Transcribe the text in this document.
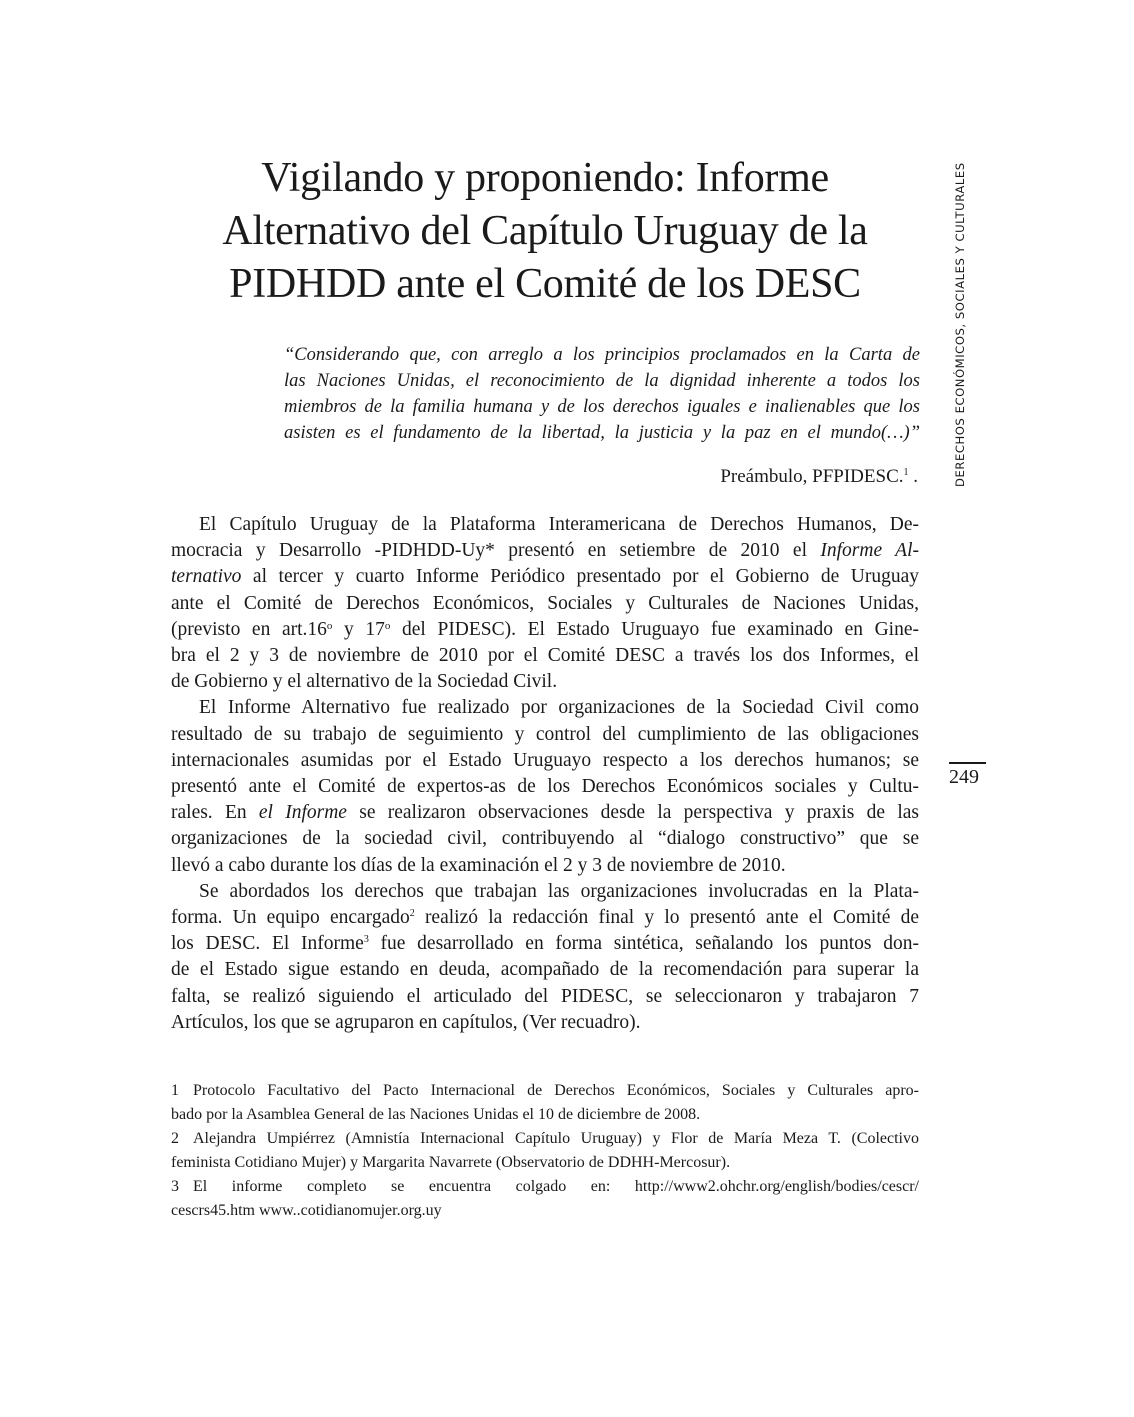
Vigilando y proponiendo: Informe
Alternativo del Capítulo Uruguay de la
PIDHDD ante el Comité de los DESC
“Considerando que, con arreglo a los principios proclamados en la Carta de
las Naciones Unidas, el reconocimiento de la dignidad inherente a todos los
miembros de la familia humana y de los derechos iguales e inalienables que los
asisten es el fundamento de la libertad, la justicia y la paz en el mundo(…)”
Preámbulo, PFPIDESC.$^1$ .
El Capítulo Uruguay de la Plataforma Interamericana de Derechos Humanos, De-
mocracia y Desarrollo -PIDHDD-Uy* presentó en setiembre de 2010 el Informe Al-
ternativo al tercer y cuarto Informe Periódico presentado por el Gobierno de Uruguay
ante el Comité de Derechos Económicos, Sociales y Culturales de Naciones Unidas,
(previsto en art.16$^o$ y 17$^o$ del PIDESC). El Estado Uruguayo fue examinado en Gine-
bra el 2 y 3 de noviembre de 2010 por el Comité DESC a través los dos Informes, el
de Gobierno y el alternativo de la Sociedad Civil.
El Informe Alternativo fue realizado por organizaciones de la Sociedad Civil como
resultado de su trabajo de seguimiento y control del cumplimiento de las obligaciones
internacionales asumidas por el Estado Uruguayo respecto a los derechos humanos; se
presentó ante el Comité de expertos-as de los Derechos Económicos sociales y Cultu-
rales. En el Informe se realizaron observaciones desde la perspectiva y praxis de las
organizaciones de la sociedad civil, contribuyendo al “dialogo constructivo” que se
llevó a cabo durante los días de la examinación el 2 y 3 de noviembre de 2010.
Se abordados los derechos que trabajan las organizaciones involucradas en la Plata-
forma. Un equipo encargado$^2$ realizó la redacción final y lo presentó ante el Comité de
los DESC. El Informe$^3$ fue desarrollado en forma sintética, señalando los puntos don-
de el Estado sigue estando en deuda, acompañado de la recomendación para superar la
falta, se realizó siguiendo el articulado del PIDESC, se seleccionaron y trabajaron 7
Artículos, los que se agruparon en capítulos, (Ver recuadro).
1 Protocolo Facultativo del Pacto Internacional de Derechos Económicos, Sociales y Culturales apro-
bado por la Asamblea General de las Naciones Unidas el 10 de diciembre de 2008.
2 Alejandra Umpiérrez (Amnistía Internacional Capítulo Uruguay) y Flor de María Meza T. (Colectivo
feminista Cotidiano Mujer) y Margarita Navarrete (Observatorio de DDHH-Mercosur).
3 El informe completo se encuentra colgado en: http://www2.ohchr.org/english/bodies/cescr/
cescrs45.htm www..cotidianomujer.org.uy
DERECHOS ECONÓMICOS, SOCIALES Y CULTURALES
249
